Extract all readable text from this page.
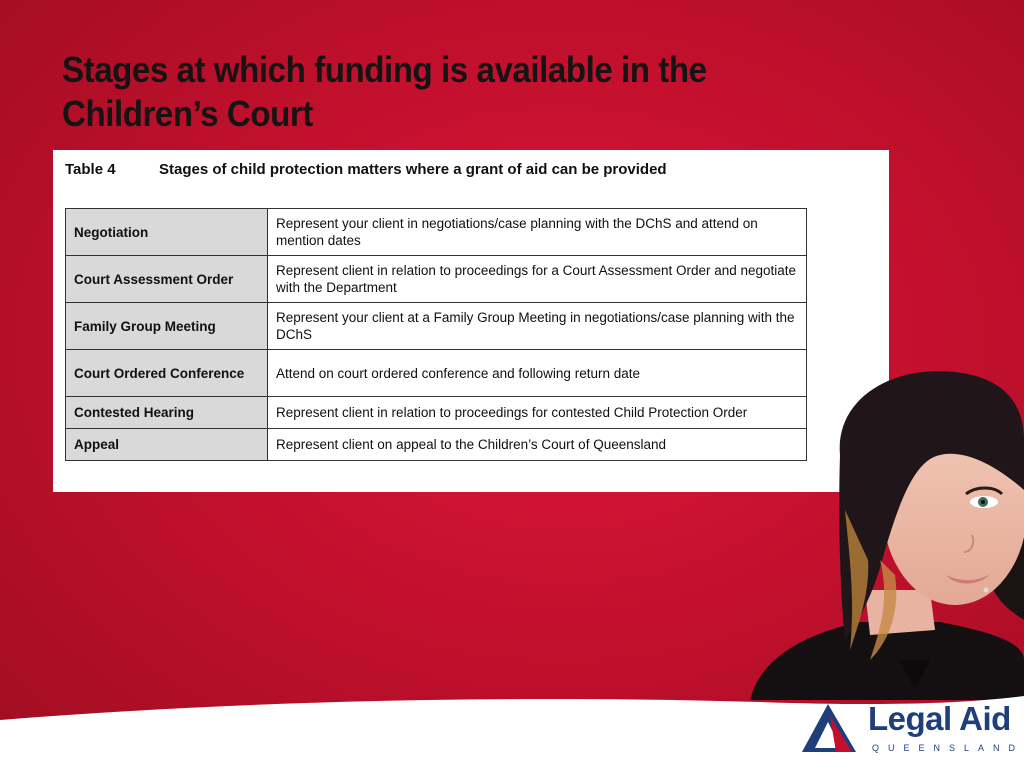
Stages at which funding is available in the Children’s Court
Table 4	Stages of child protection matters where a grant of aid can be provided
Negotiation	Represent your client in negotiations/case planning with the DChS and attend on mention dates
Court Assessment Order	Represent client in relation to proceedings for a Court Assessment Order and negotiate with the Department
Family Group Meeting	Represent your client at a Family Group Meeting in negotiations/case planning with the DChS
Court Ordered Conference	Attend on court ordered conference and following return date
Contested Hearing	Represent client in relation to proceedings for contested Child Protection Order
Appeal	Represent client on appeal to the Children’s Court of Queensland
Legal Aid
QUEENSLAND
